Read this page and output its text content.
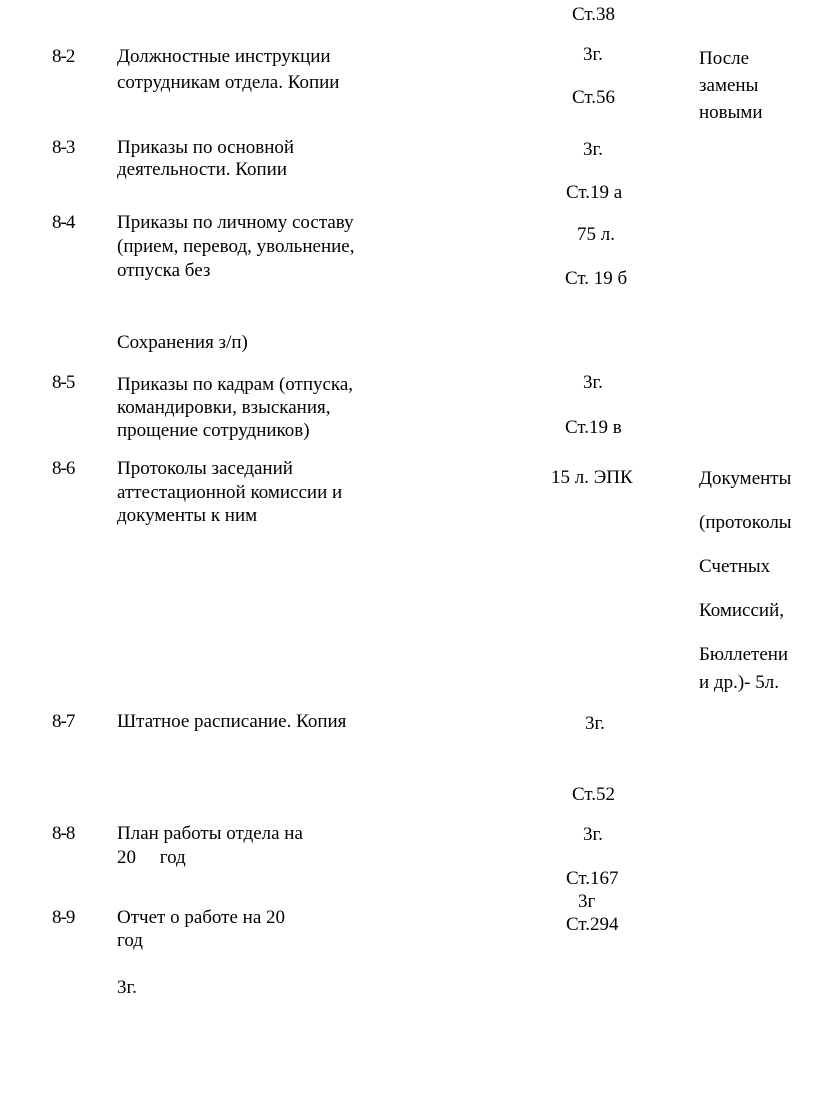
Ст.38
8-2 Должностные инструкции
сотрудникам отдела. Копии
3г.
Ст.56
После
замены
новыми
8-3 Приказы по основной
деятельности. Копии
3г.
Ст.19 а
8-4 Приказы по личному составу
(прием, перевод, увольнение,
отпуска без
Сохранения з/п)
75 л.
Ст. 19 б
8-5 Приказы по кадрам (отпуска,
командировки, взыскания,
прощение сотрудников)
3г.
Ст.19 в
8-6 Протоколы заседаний
аттестационной комиссии и
документы к ним
15 л. ЭПК	Документы
(протоколы
Счетных
Комиссий,
Бюллетени
и др.)- 5л.
8-7 Штатное расписание. Копия	3г.
Ст.52
8-8 План работы отдела на
20     год
3г.
Ст.167
8-9 Отчет о работе на 20
год
3г.
3г
Ст.294
